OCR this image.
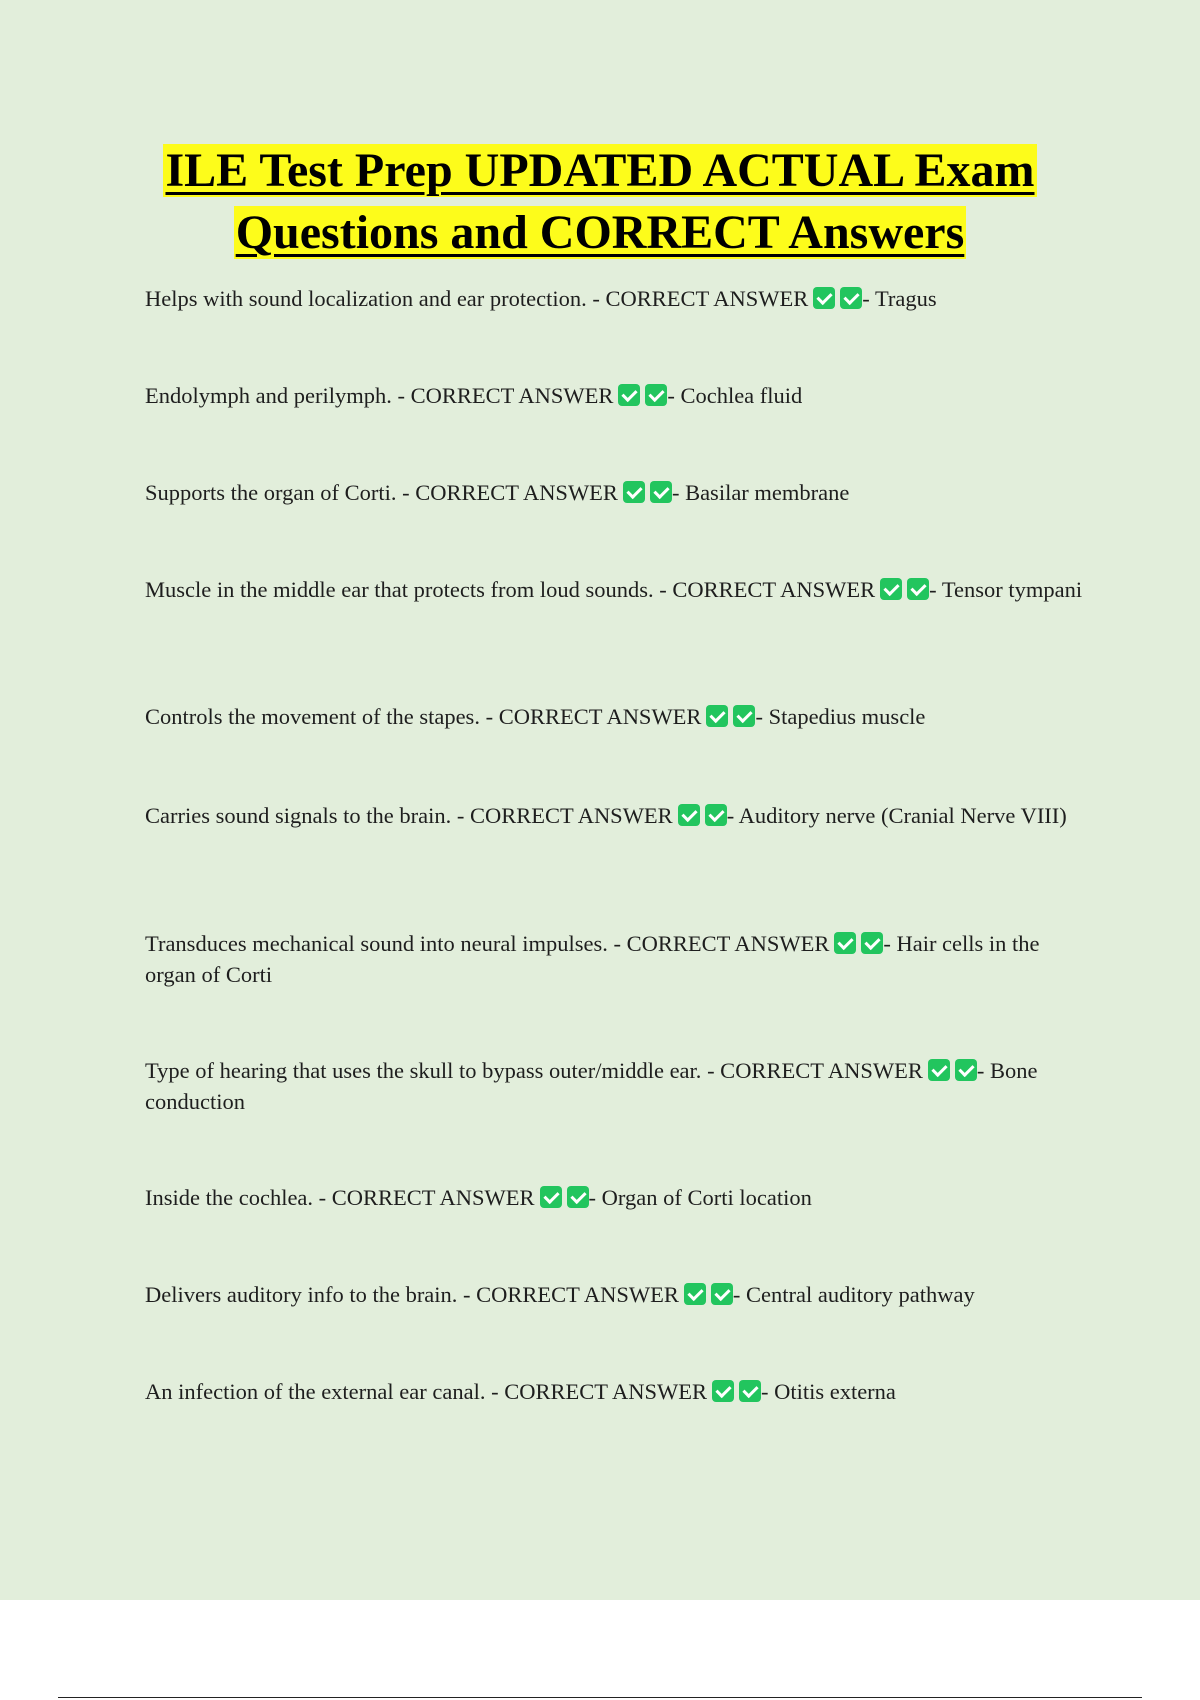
ILE Test Prep UPDATED ACTUAL Exam
Questions and CORRECT Answers
Helps with sound localization and ear protection. - CORRECT ANSWER - Tragus
Endolymph and perilymph. - CORRECT ANSWER - Cochlea fluid
Supports the organ of Corti. - CORRECT ANSWER - Basilar membrane
Muscle in the middle ear that protects from loud sounds. - CORRECT ANSWER - Tensor tympani
Controls the movement of the stapes. - CORRECT ANSWER - Stapedius muscle
Carries sound signals to the brain. - CORRECT ANSWER - Auditory nerve (Cranial Nerve VIII)
Transduces mechanical sound into neural impulses. - CORRECT ANSWER - Hair cells in the organ of Corti
Type of hearing that uses the skull to bypass outer/middle ear. - CORRECT ANSWER - Bone conduction
Inside the cochlea. - CORRECT ANSWER - Organ of Corti location
Delivers auditory info to the brain. - CORRECT ANSWER - Central auditory pathway
An infection of the external ear canal. - CORRECT ANSWER - Otitis externa
